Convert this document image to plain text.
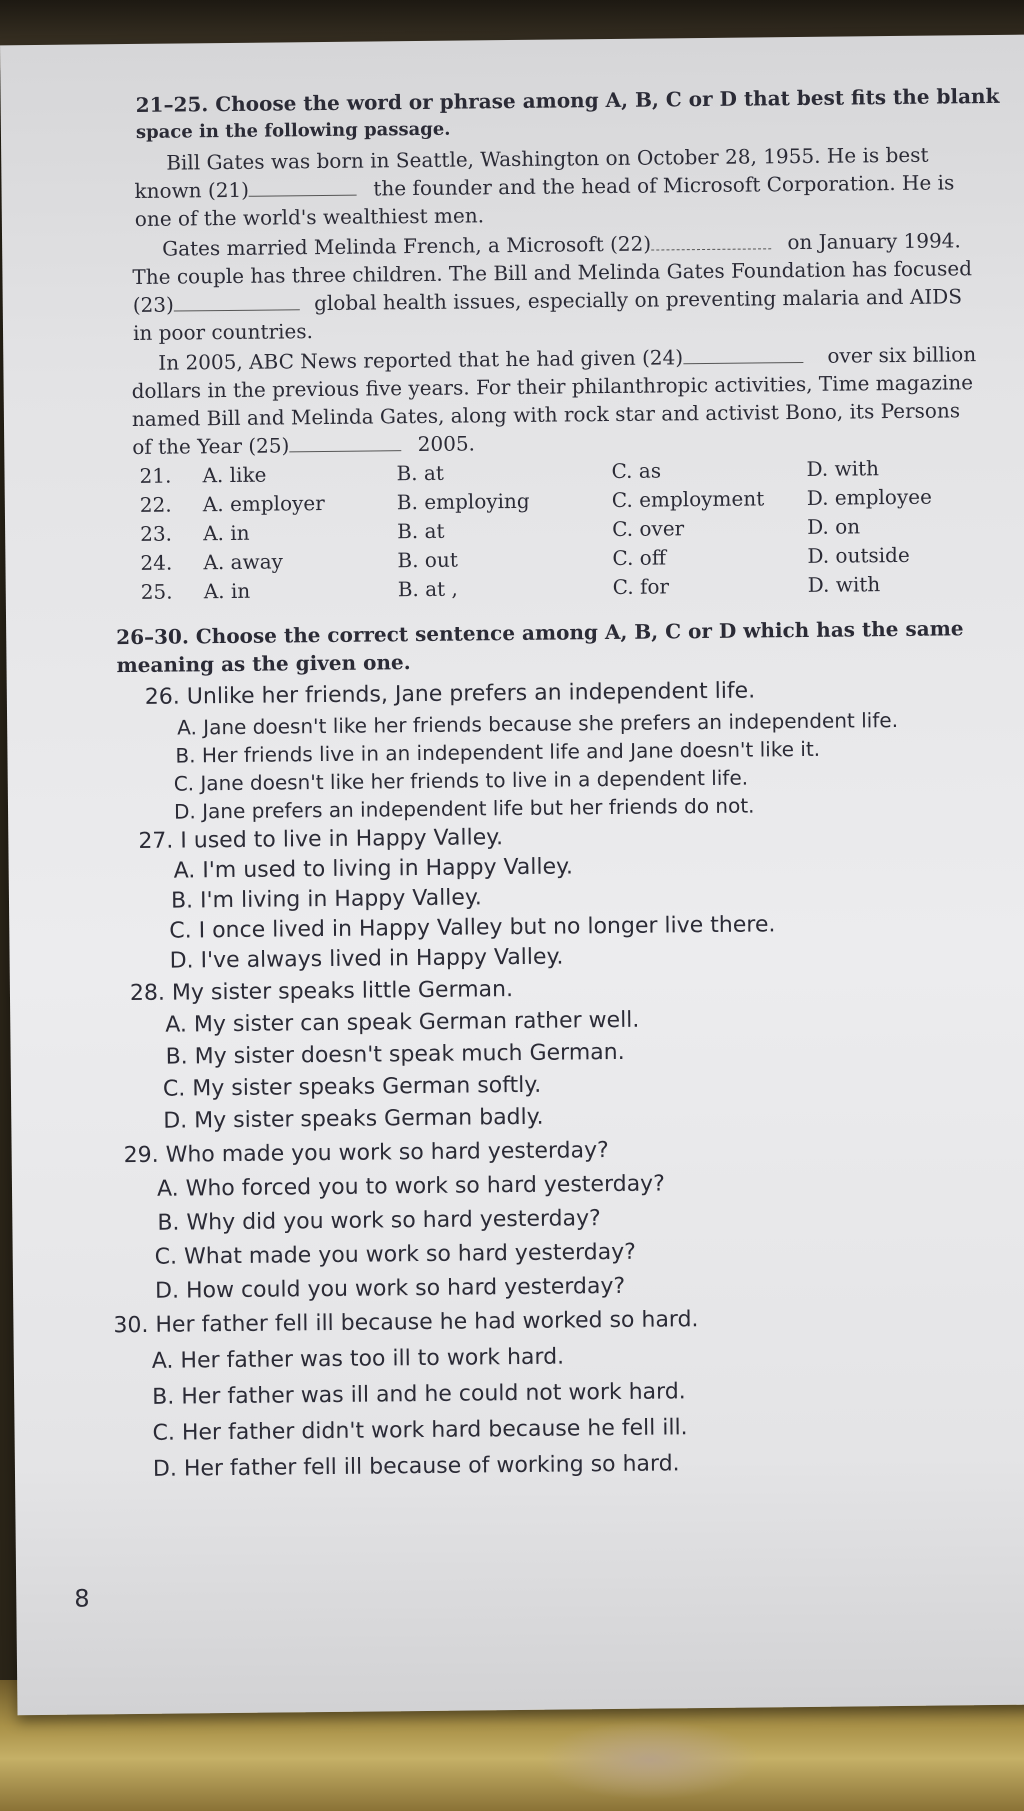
21–25. Choose the word or phrase among A, B, C or D that best fits the blank
space in the following passage.
Bill Gates was born in Seattle, Washington on October 28, 1955. He is best
known (21)	the founder and the head of Microsoft Corporation. He is
one of the world's wealthiest men.
Gates married Melinda French, a Microsoft (22)	on January 1994.
The couple has three children. The Bill and Melinda Gates Foundation has focused
(23)	global health issues, especially on preventing malaria and AIDS
in poor countries.
In 2005, ABC News reported that he had given (24)	over six billion
dollars in the previous five years. For their philanthropic activities, Time magazine
named Bill and Melinda Gates, along with rock star and activist Bono, its Persons
of the Year (25)	2005.
21. A. like	B. at	C. as	D. with
22. A. employer	B. employing	C. employment D. employee
23. A. in	B. at	C. over	D. on
24. A. away	B. out	C. off	D. outside
25. A. in	B. at ,	C. for	D. with
26–30. Choose the correct sentence among A, B, C or D which has the same
meaning as the given one.
26. Unlike her friends, Jane prefers an independent life.
A. Jane doesn't like her friends because she prefers an independent life.
B. Her friends live in an independent life and Jane doesn't like it.
C. Jane doesn't like her friends to live in a dependent life.
D. Jane prefers an independent life but her friends do not.
27. I used to live in Happy Valley.
A. I'm used to living in Happy Valley.
B. I'm living in Happy Valley.
C. I once lived in Happy Valley but no longer live there.
D. I've always lived in Happy Valley.
28. My sister speaks little German.
A. My sister can speak German rather well.
B. My sister doesn't speak much German.
C. My sister speaks German softly.
D. My sister speaks German badly.
29. Who made you work so hard yesterday?
A. Who forced you to work so hard yesterday?
B. Why did you work so hard yesterday?
C. What made you work so hard yesterday?
D. How could you work so hard yesterday?
30. Her father fell ill because he had worked so hard.
A. Her father was too ill to work hard.
B. Her father was ill and he could not work hard.
C. Her father didn't work hard because he fell ill.
D. Her father fell ill because of working so hard.
8
